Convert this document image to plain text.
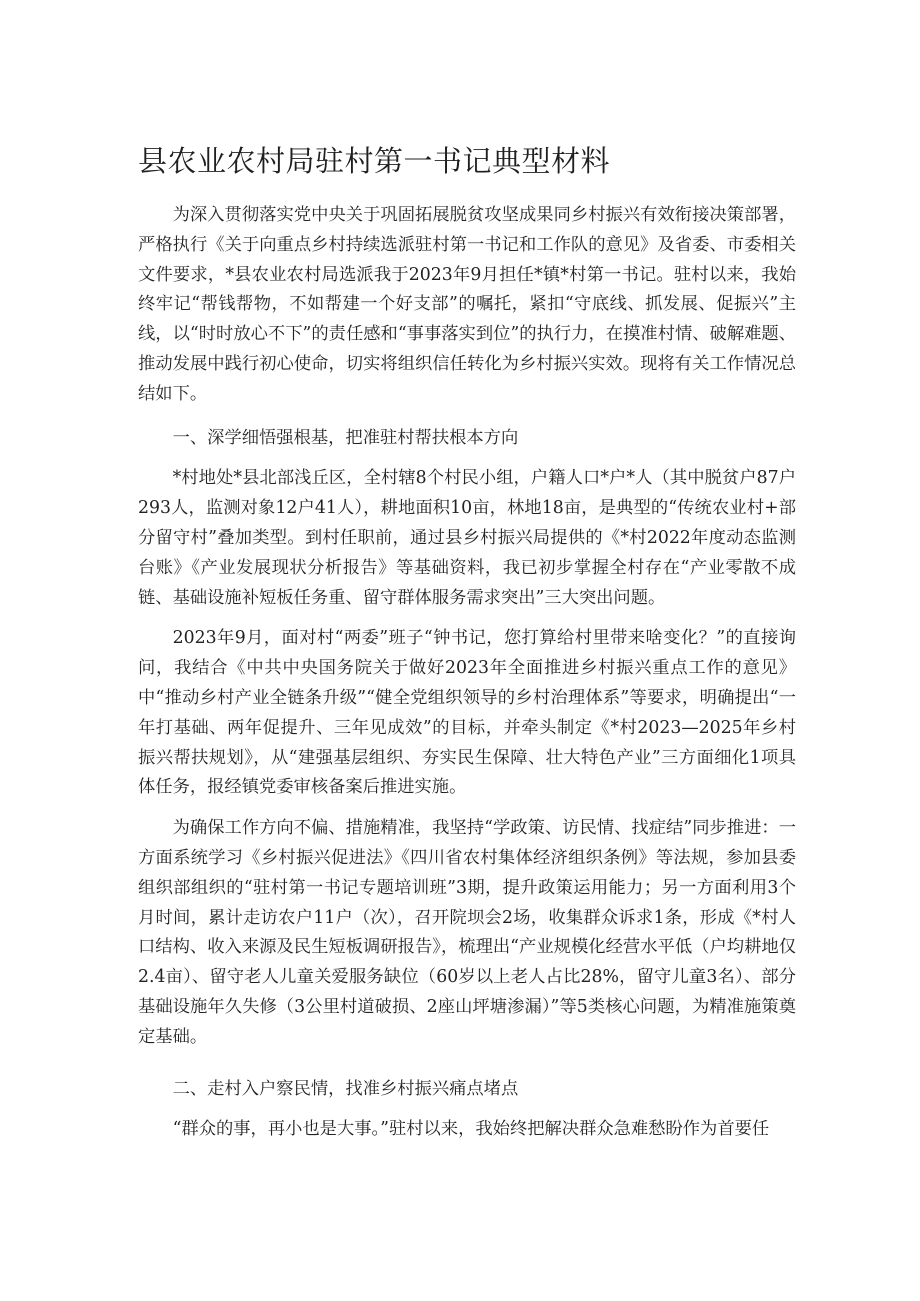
县农业农村局驻村第一书记典型材料

为深入贯彻落实党中央关于巩固拓展脱贫攻坚成果同乡村振兴有效衔接决策部署，严格执行《关于向重点乡村持续选派驻村第一书记和工作队的意见》及省委、市委相关文件要求，*县农业农村局选派我于2023年9月担任*镇*村第一书记。驻村以来，我始终牢记“帮钱帮物，不如帮建一个好支部”的嘱托，紧扣“守底线、抓发展、促振兴”主线，以“时时放心不下”的责任感和“事事落实到位”的执行力，在摸准村情、破解难题、推动发展中践行初心使命，切实将组织信任转化为乡村振兴实效。现将有关工作情况总结如下。

一、深学细悟强根基，把准驻村帮扶根本方向

*村地处*县北部浅丘区，全村辖8个村民小组，户籍人口*户*人（其中脱贫户87户293人，监测对象12户41人），耕地面积10亩，林地18亩，是典型的“传统农业村+部分留守村”叠加类型。到村任职前，通过县乡村振兴局提供的《*村2022年度动态监测台账》《产业发展现状分析报告》等基础资料，我已初步掌握全村存在“产业零散不成链、基础设施补短板任务重、留守群体服务需求突出”三大突出问题。

2023年9月，面对村“两委”班子“钟书记，您打算给村里带来啥变化？”的直接询问，我结合《中共中央国务院关于做好2023年全面推进乡村振兴重点工作的意见》中“推动乡村产业全链条升级”“健全党组织领导的乡村治理体系”等要求，明确提出“一年打基础、两年促提升、三年见成效”的目标，并牵头制定《*村2023—2025年乡村振兴帮扶规划》，从“建强基层组织、夯实民生保障、壮大特色产业”三方面细化1项具体任务，报经镇党委审核备案后推进实施。

为确保工作方向不偏、措施精准，我坚持“学政策、访民情、找症结”同步推进：一方面系统学习《乡村振兴促进法》《四川省农村集体经济组织条例》等法规，参加县委组织部组织的“驻村第一书记专题培训班”3期，提升政策运用能力；另一方面利用3个月时间，累计走访农户11户（次），召开院坝会2场，收集群众诉求1条，形成《*村人口结构、收入来源及民生短板调研报告》，梳理出“产业规模化经营水平低（户均耕地仅2.4亩）、留守老人儿童关爱服务缺位（60岁以上老人占比28%，留守儿童3名）、部分基础设施年久失修（3公里村道破损、2座山坪塘渗漏）”等5类核心问题，为精准施策奠定基础。

二、走村入户察民情，找准乡村振兴痛点堵点

“群众的事，再小也是大事。”驻村以来，我始终把解决群众急难愁盼作为首要任
